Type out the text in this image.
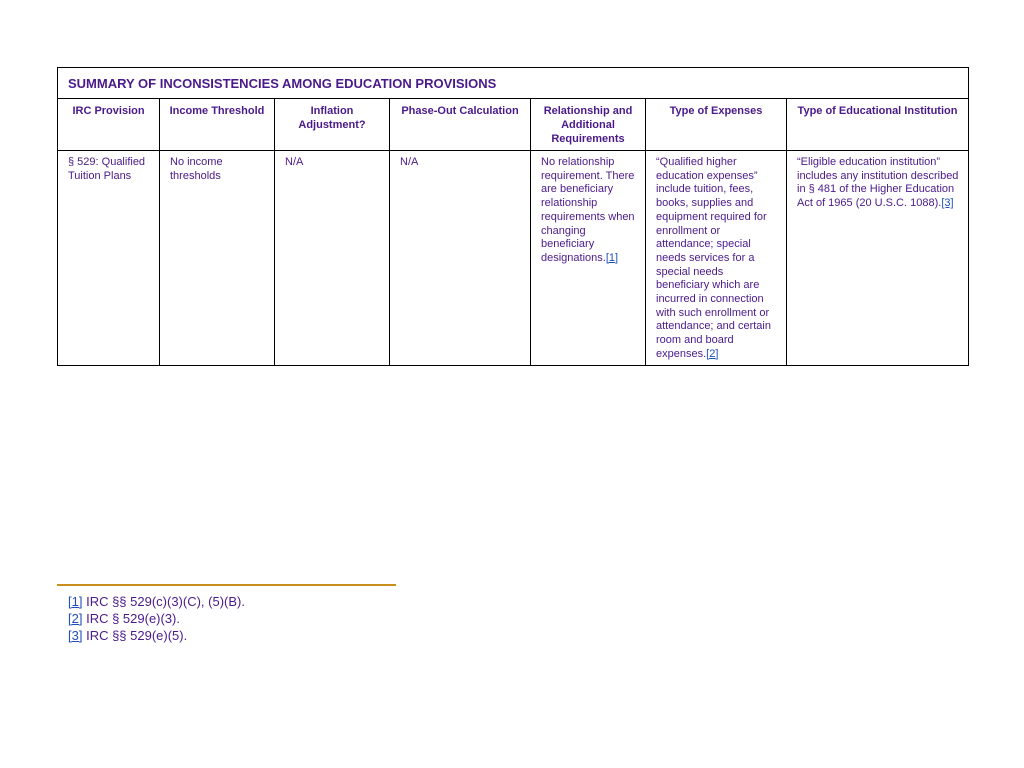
SUMMARY OF INCONSISTENCIES AMONG EDUCATION PROVISIONS						
IRC Provision	Income Threshold	Inflation Adjustment?	Phase-Out Calculation	Relationship and Additional Requirements	Type of Expenses	Type of Educational Institution
§ 529: Qualified Tuition Plans	No income thresholds	N/A	N/A	No relationship requirement. There are beneficiary relationship requirements when changing beneficiary designations.[1]	“Qualified higher education expenses” include tuition, fees, books, supplies and equipment required for enrollment or attendance; special needs services for a special needs beneficiary which are incurred in connection with such enrollment or attendance; and certain room and board expenses.[2]	“Eligible education institution” includes any institution described in § 481 of the Higher Education Act of 1965 (20 U.S.C. 1088).[3]
[1] IRC §§ 529(c)(3)(C), (5)(B).
[2] IRC § 529(e)(3).
[3] IRC §§ 529(e)(5).
